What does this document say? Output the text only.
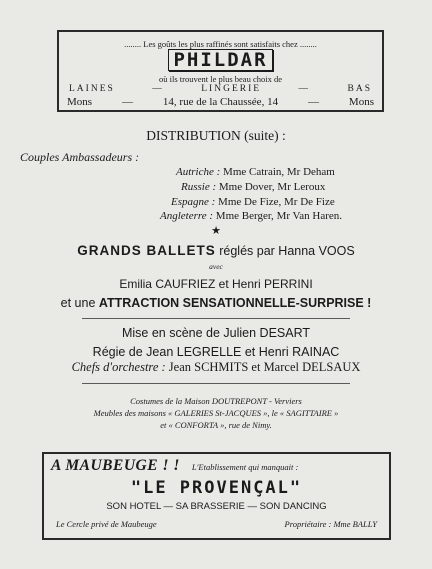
........ Les goûts les plus raffinés sont satisfaits chez ........
PHILDAR
où ils trouvent le plus beau choix de
LAINES	—	LINGERIE	—	BAS
Mons	—	14, rue de la Chaussée, 14	—	Mons
DISTRIBUTION (suite) :
Couples Ambassadeurs :
Autriche : Mme Catrain, Mr Deham
Russie : Mme Dover, Mr Leroux
Espagne : Mme De Fize, Mr De Fize
Angleterre : Mme Berger, Mr Van Haren.
★
GRANDS BALLETS réglés par Hanna VOOS
avec
Emilia CAUFRIEZ et Henri PERRINI
et une ATTRACTION SENSATIONNELLE-SURPRISE !
Mise en scène de Julien DESART
Régie de Jean LEGRELLE et Henri RAINAC
Chefs d'orchestre : Jean SCHMITS et Marcel DELSAUX
Costumes de la Maison DOUTREPONT - Verviers
Meubles des maisons « GALERIES St-JACQUES », le « SAGITTAIRE »
et « CONFORTA », rue de Nimy.
A MAUBEUGE ! ! L'Etablissement qui manquait :
"LE PROVENÇAL"
SON HOTEL — SA BRASSERIE — SON DANCING
Le Cercle privé de Maubeuge	Propriétaire : Mme BALLY
